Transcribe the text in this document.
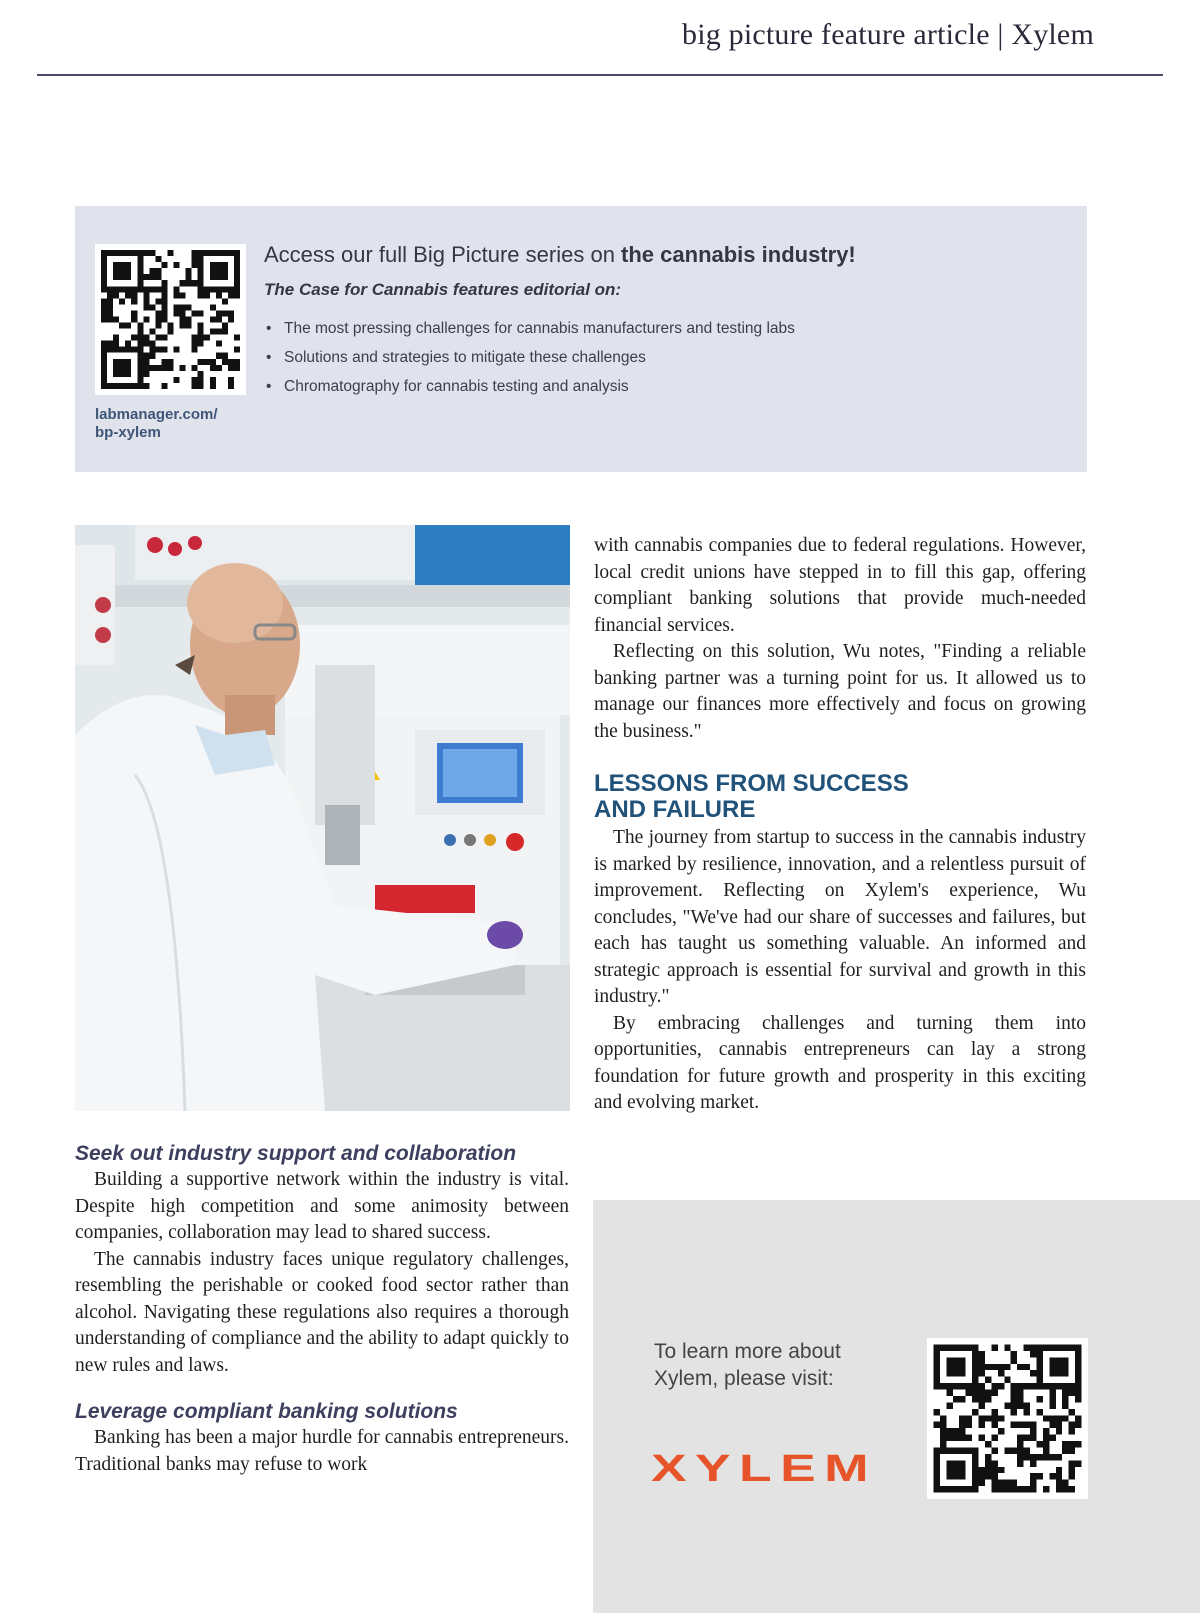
big picture feature article | Xylem
labmanager.com/
bp-xylem
Access our full Big Picture series on the cannabis industry!
The Case for Cannabis features editorial on:
• The most pressing challenges for cannabis manufacturers and testing labs
• Solutions and strategies to mitigate these challenges
• Chromatography for cannabis testing and analysis

with cannabis companies due to federal regulations. However, local credit unions have stepped in to fill this gap, offering compliant banking solutions that provide much-needed financial services.

Reflecting on this solution, Wu notes, "Finding a reliable banking partner was a turning point for us. It allowed us to manage our finances more effectively and focus on growing the business."

LESSONS FROM SUCCESS
AND FAILURE

The journey from startup to success in the cannabis industry is marked by resilience, innovation, and a relentless pursuit of improvement. Reflecting on Xylem's experience, Wu concludes, "We've had our share of successes and failures, but each has taught us something valuable. An informed and strategic approach is essential for survival and growth in this industry."

By embracing challenges and turning them into opportunities, cannabis entrepreneurs can lay a strong foundation for future growth and prosperity in this exciting and evolving market.

Seek out industry support and collaboration

Building a supportive network within the industry is vital. Despite high competition and some animosity between companies, collaboration may lead to shared success.

The cannabis industry faces unique regulatory challenges, resembling the perishable or cooked food sector rather than alcohol. Navigating these regulations also requires a thorough understanding of compliance and the ability to adapt quickly to new rules and laws.

Leverage compliant banking solutions

Banking has been a major hurdle for cannabis entrepreneurs. Traditional banks may refuse to work

To learn more about
Xylem, please visit:
XYLEM
